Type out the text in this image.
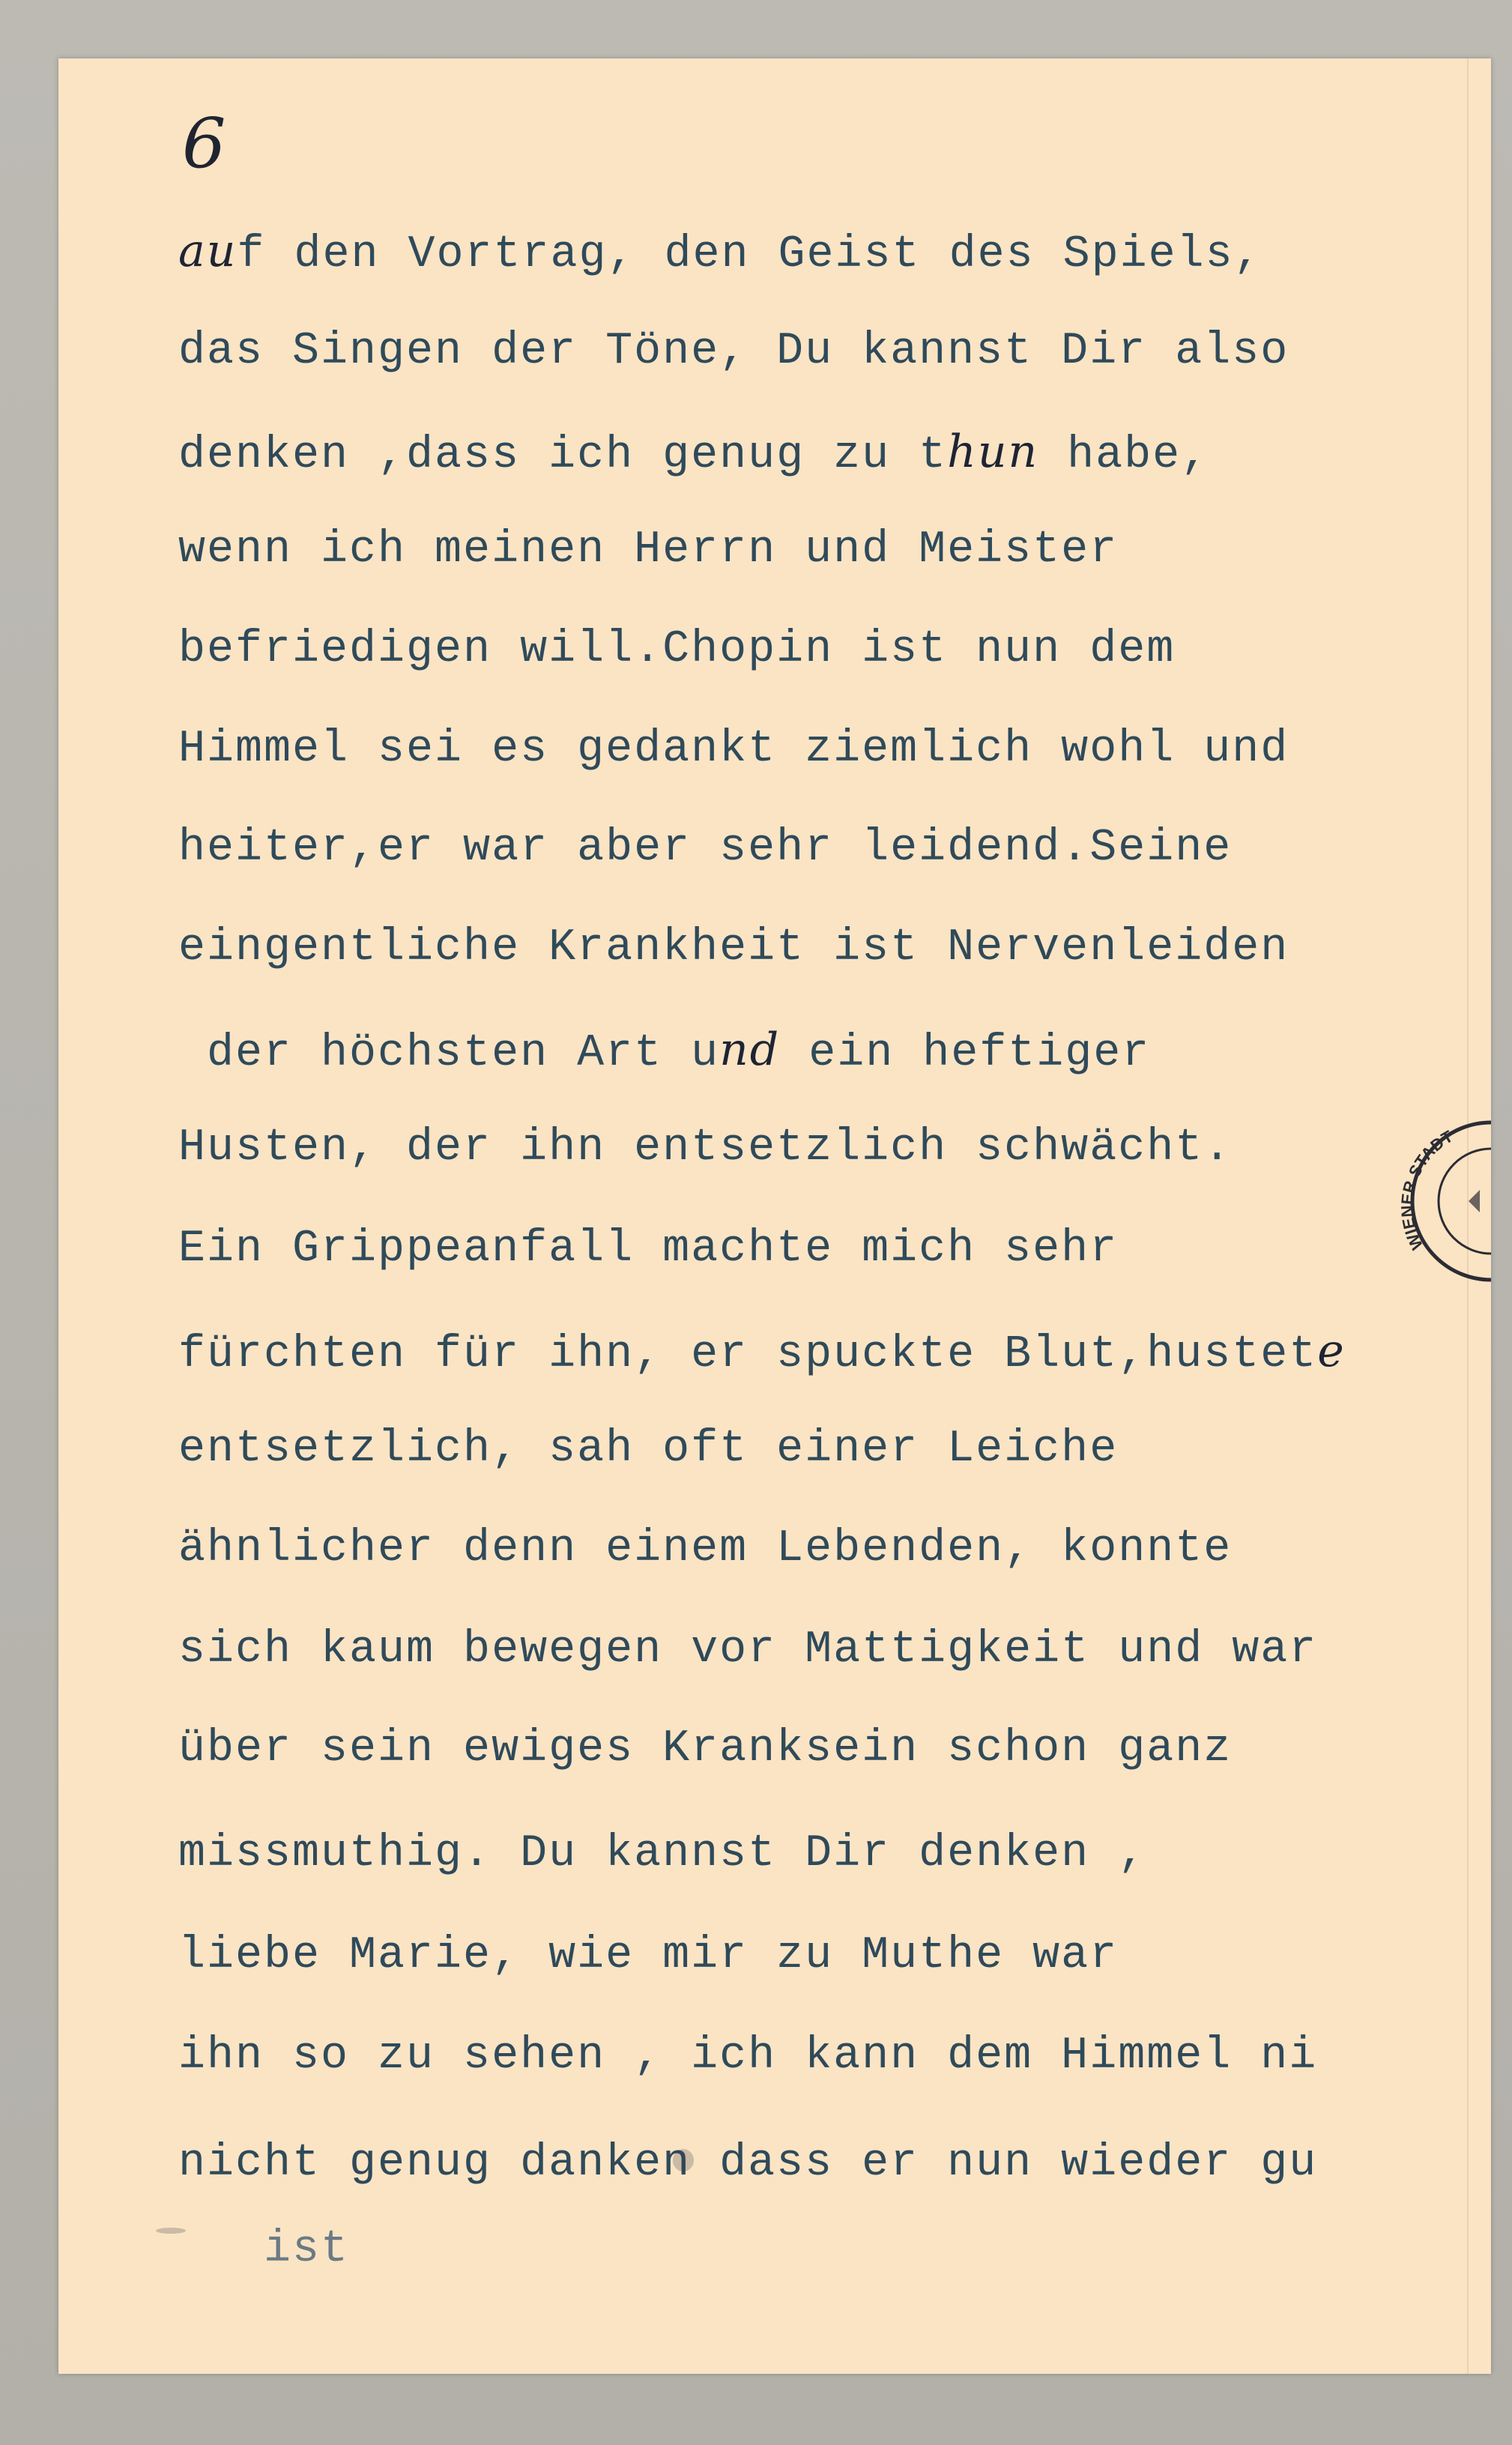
6
auf den Vortrag, den Geist des Spiels,
das Singen der Töne, Du kannst Dir also
denken ,dass ich genug zu thun habe,
wenn ich meinen Herrn und Meister
befriedigen will.Chopin ist nun dem
Himmel sei es gedankt ziemlich wohl und
heiter,er war aber sehr leidend.Seine
eingentliche Krankheit ist Nervenleiden
der höchsten Art und ein heftiger
Husten, der ihn entsetzlich schwächt.
Ein Grippeanfall machte mich sehr
fürchten für ihn, er spuckte Blut,hustete
entsetzlich, sah oft einer Leiche
ähnlicher denn einem Lebenden, konnte
sich kaum bewegen vor Mattigkeit und war
über sein ewiges Kranksein schon ganz
missmuthig. Du kannst Dir denken ,
liebe Marie, wie mir zu Muthe war
ihn so zu sehen , ich kann dem Himmel ni
nicht genug danken dass er nun wieder gu
ist
WIENER STADT
